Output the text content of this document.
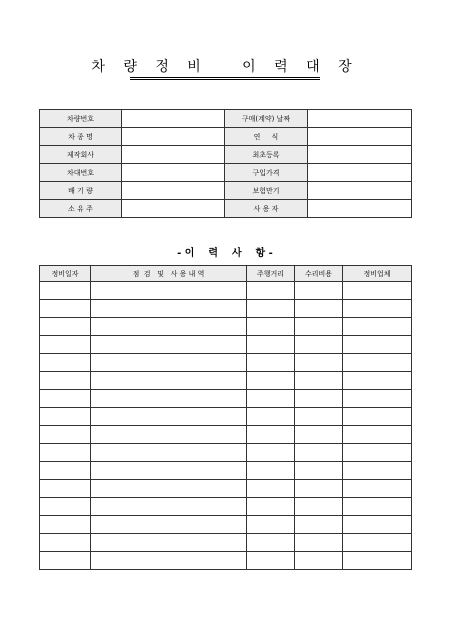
차 량 정 비   이 력 대 장
차량번호		구매(계약) 날짜	
차 종 명		연     식	
제작회사		최초등록	
차대번호		구입가격	
배 기 량		보험만기	
소 유 주		사 용 자	
- 이    력    사    항 -
정비일자	점  검   및   사 용 내 역	주행거리	수리비용	정비업체
